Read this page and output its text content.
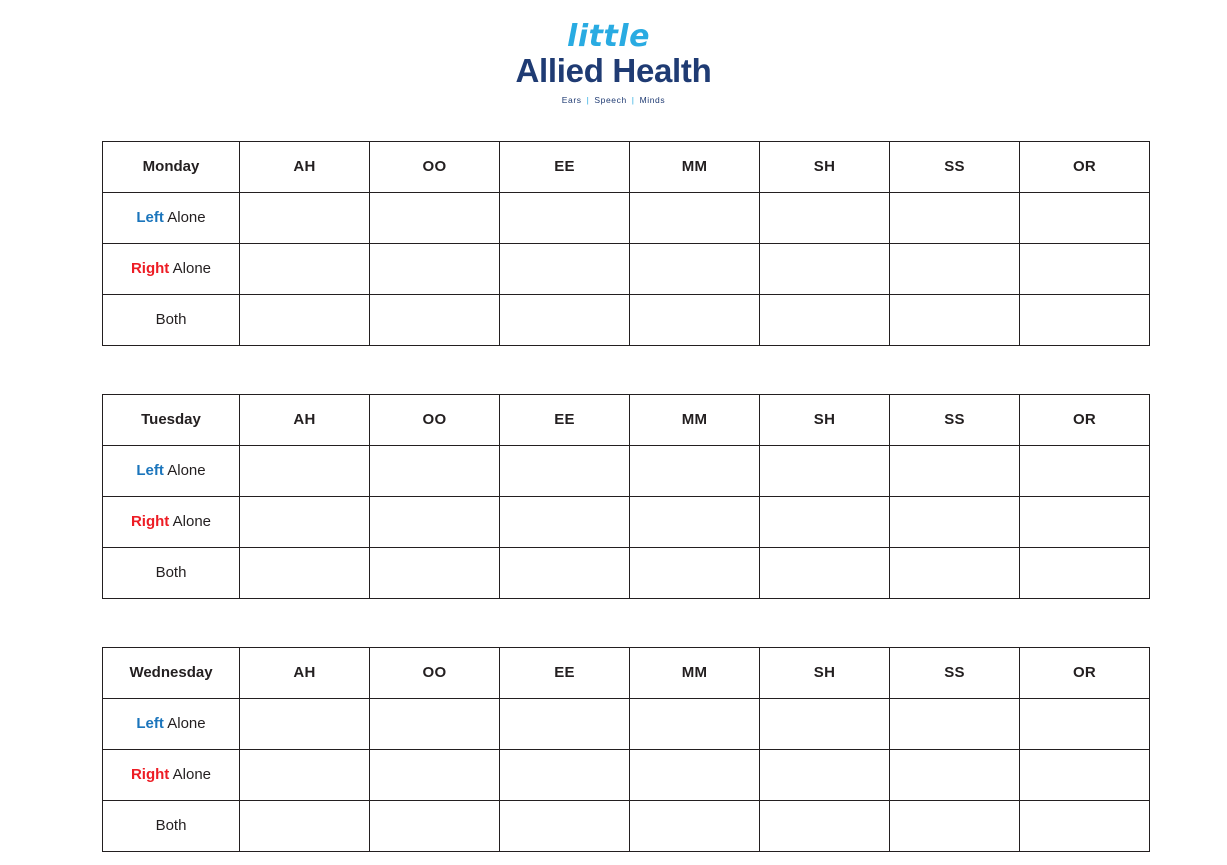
little
Allied Health
Ears | Speech | Minds
Monday	AH	OO	EE	MM	SH	SS	OR
Left Alone							
Right Alone							
Both							
Tuesday	AH	OO	EE	MM	SH	SS	OR
Left Alone							
Right Alone							
Both							
Wednesday	AH	OO	EE	MM	SH	SS	OR
Left Alone							
Right Alone							
Both							
